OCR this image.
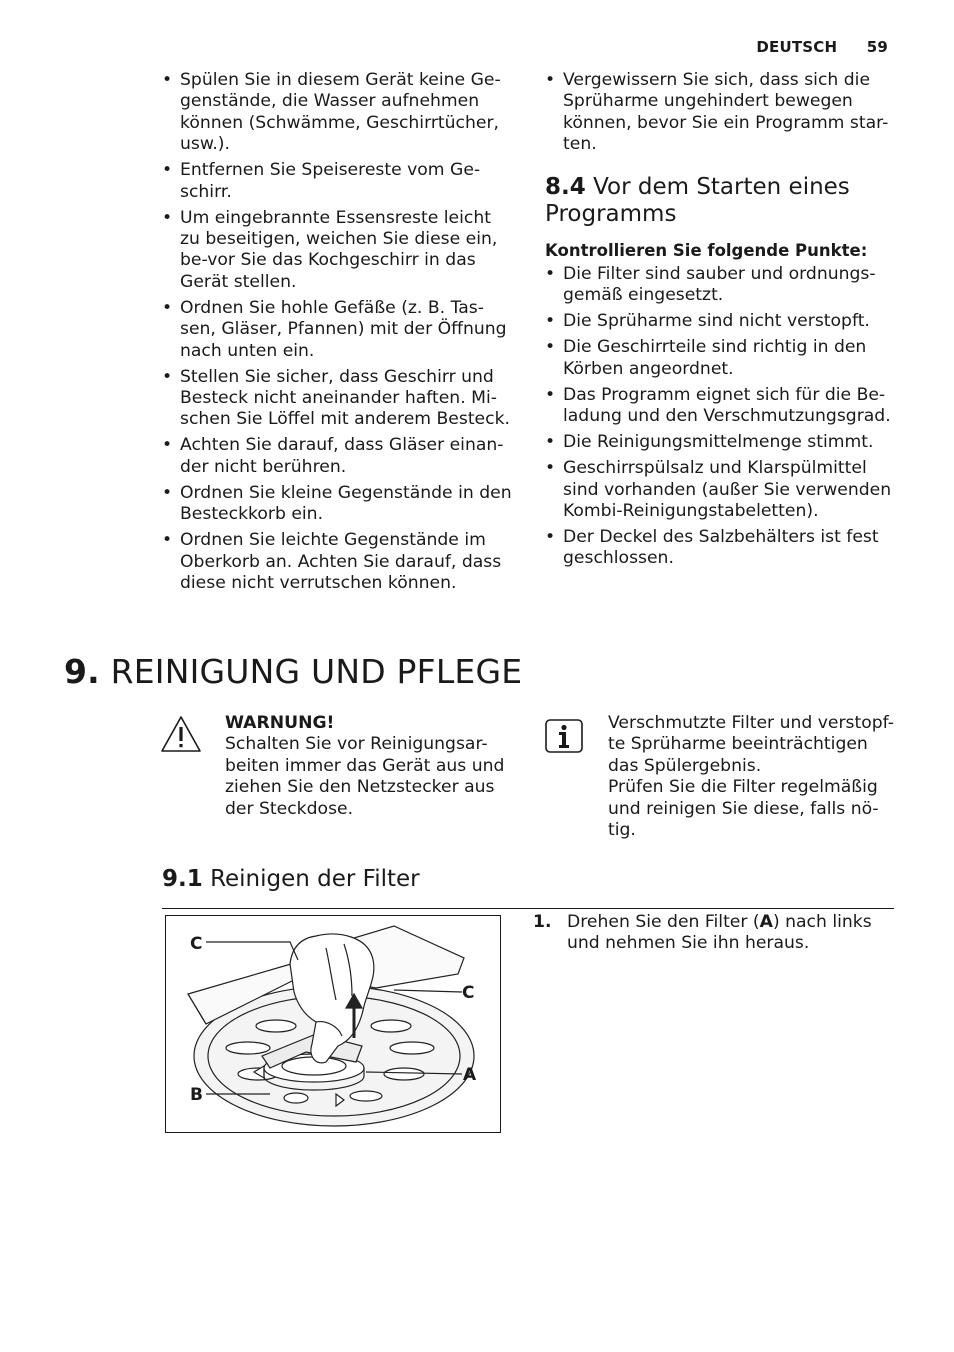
DEUTSCH 59
• Spülen Sie in diesem Gerät keine Ge-genstände, die Wasser aufnehmen können (Schwämme, Geschirrtücher, usw.).
• Entfernen Sie Speisereste vom Ge-schirr.
• Um eingebrannte Essensreste leicht zu beseitigen, weichen Sie diese ein, be-vor Sie das Kochgeschirr in das Gerät stellen.
• Ordnen Sie hohle Gefäße (z. B. Tas-sen, Gläser, Pfannen) mit der Öffnung nach unten ein.
• Stellen Sie sicher, dass Geschirr und Besteck nicht aneinander haften. Mi-schen Sie Löffel mit anderem Besteck.
• Achten Sie darauf, dass Gläser einan-der nicht berühren.
• Ordnen Sie kleine Gegenstände in den Besteckkorb ein.
• Ordnen Sie leichte Gegenstände im Oberkorb an. Achten Sie darauf, dass diese nicht verrutschen können.
• Vergewissern Sie sich, dass sich die Sprüharme ungehindert bewegen können, bevor Sie ein Programm star-ten.
8.4 Vor dem Starten eines Programms
Kontrollieren Sie folgende Punkte:
• Die Filter sind sauber und ordnungs-gemäß eingesetzt.
• Die Sprüharme sind nicht verstopft.
• Die Geschirrteile sind richtig in den Körben angeordnet.
• Das Programm eignet sich für die Be-ladung und den Verschmutzungsgrad.
• Die Reinigungsmittelmenge stimmt.
• Geschirrspülsalz und Klarspülmittel sind vorhanden (außer Sie verwenden Kombi-Reinigungstabeletten).
• Der Deckel des Salzbehälters ist fest geschlossen.
9. REINIGUNG UND PFLEGE
WARNUNG!
Schalten Sie vor Reinigungsar-beiten immer das Gerät aus und ziehen Sie den Netzstecker aus der Steckdose.
Verschmutzte Filter und verstopf-te Sprüharme beeinträchtigen das Spülergebnis.
Prüfen Sie die Filter regelmäßig und reinigen Sie diese, falls nö-tig.
9.1 Reinigen der Filter
C
C
A
B
1. Drehen Sie den Filter (A) nach links und nehmen Sie ihn heraus.
